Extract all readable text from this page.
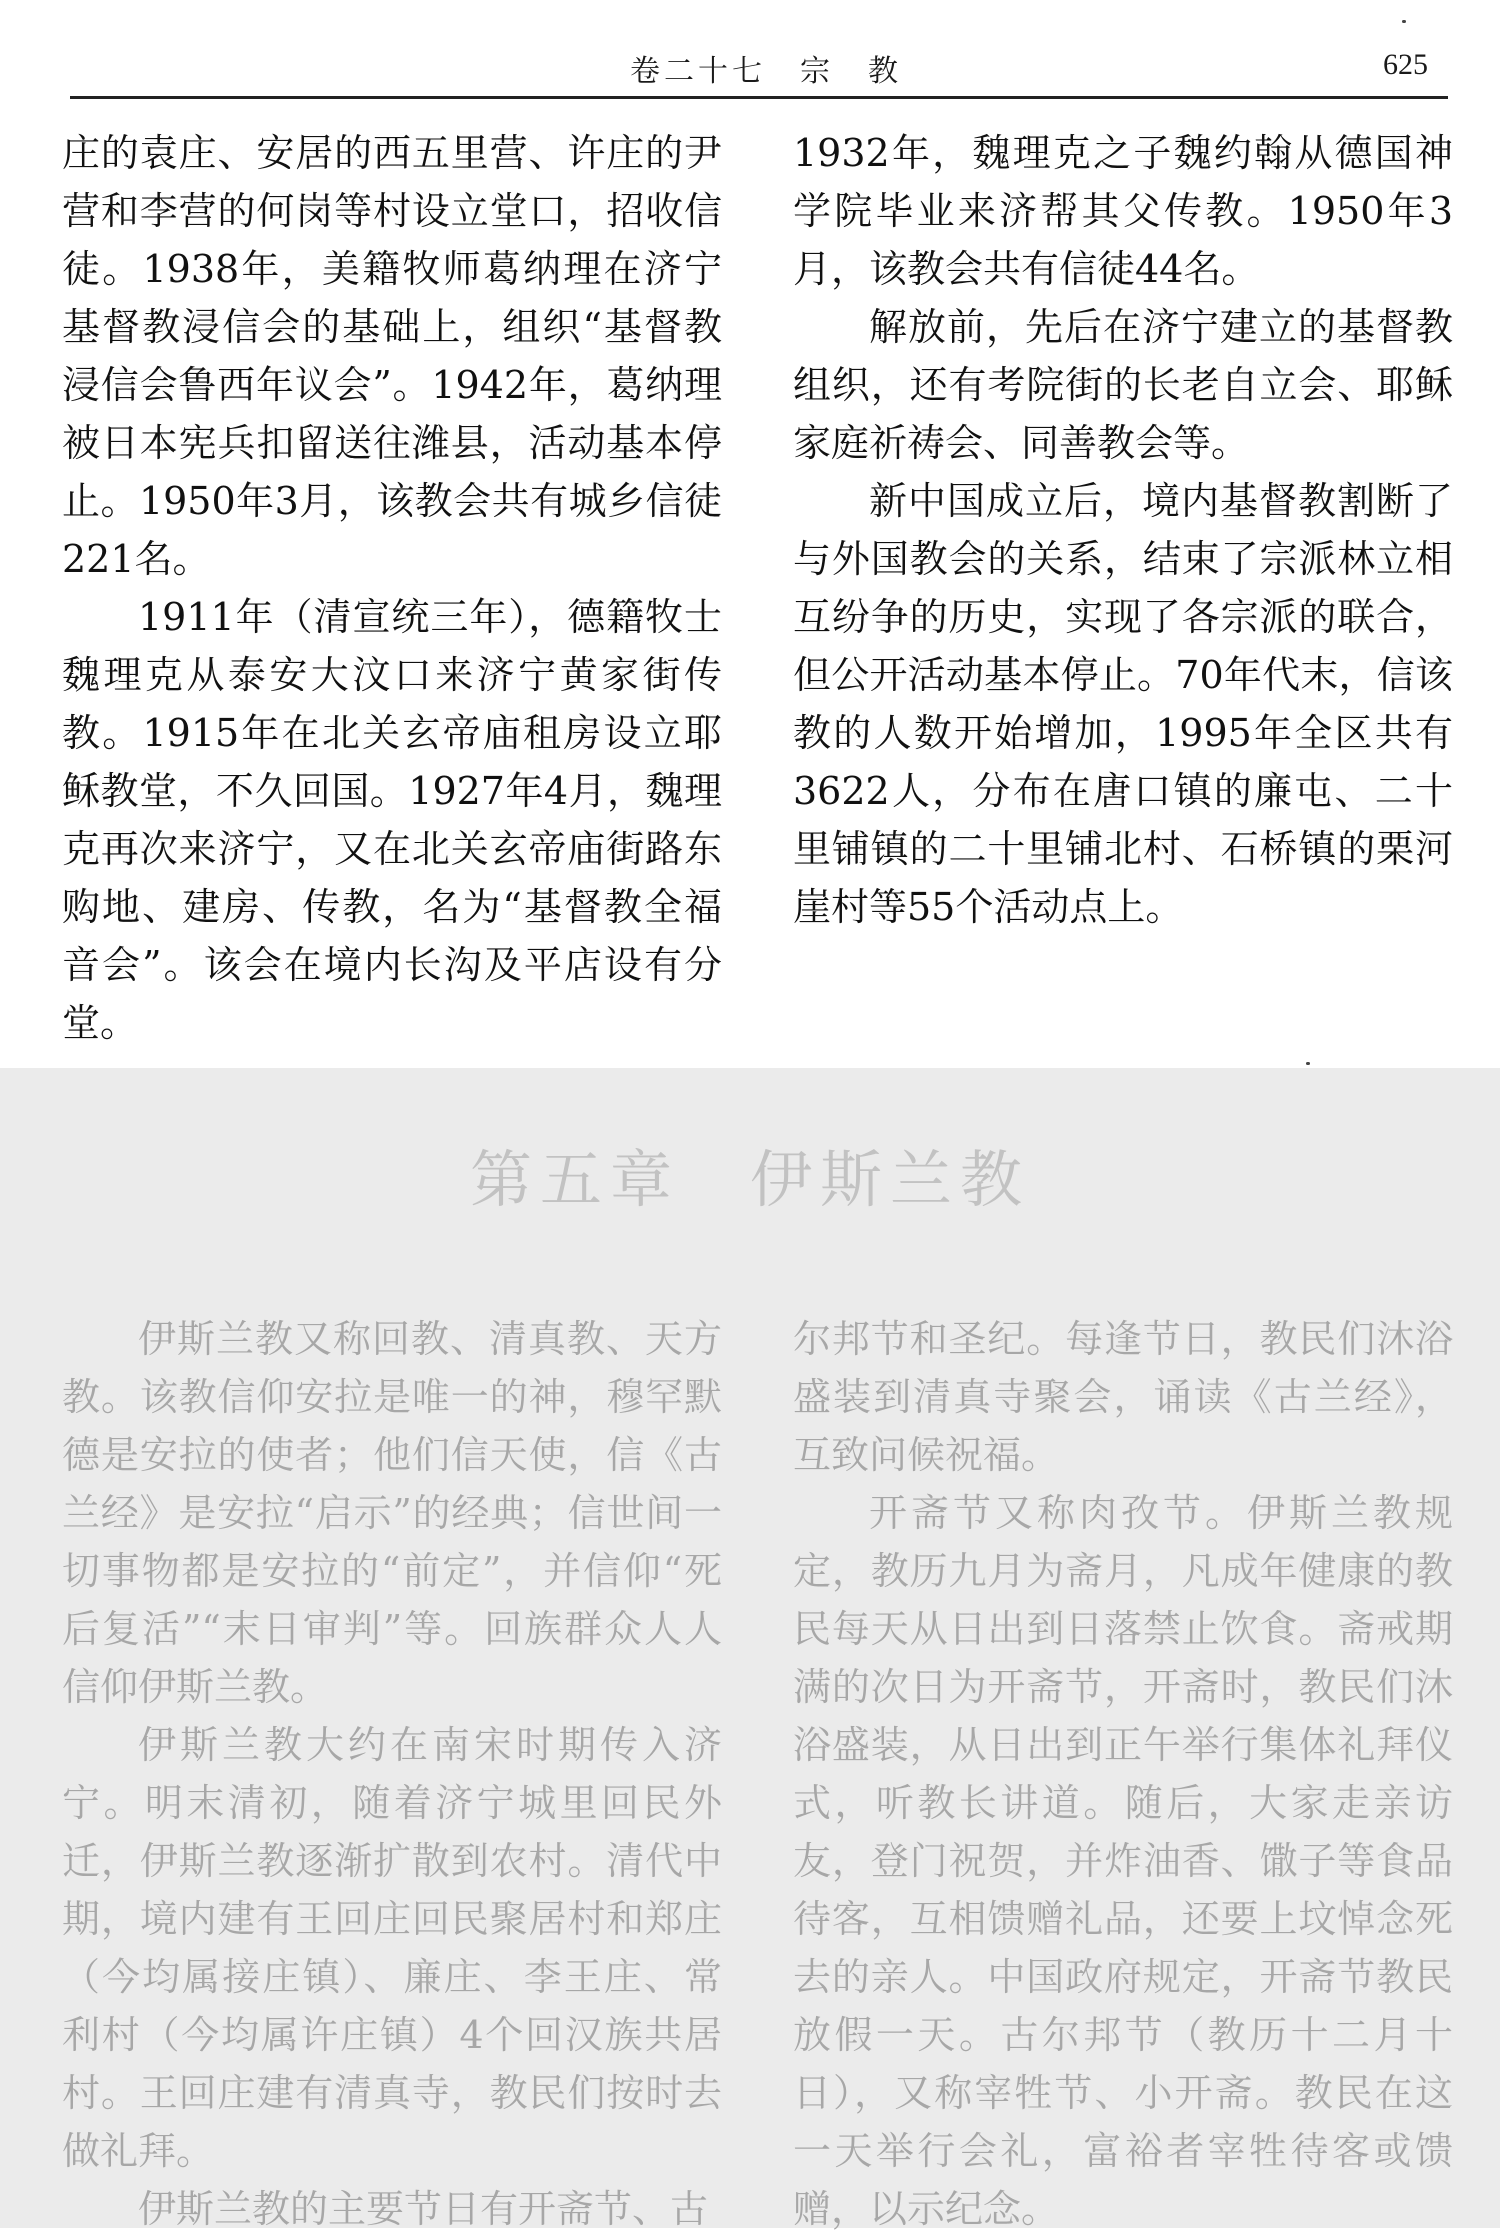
卷二十七　宗　教	625

庄的袁庄、安居的西五里营、许庄的尹营和李营的何岗等村设立堂口，招收信徒。1938年，美籍牧师葛纳理在济宁基督教浸信会的基础上，组织“基督教浸信会鲁西年议会”。1942年，葛纳理被日本宪兵扣留送往潍县，活动基本停止。1950年3月，该教会共有城乡信徒221名。

1911年（清宣统三年），德籍牧士魏理克从泰安大汶口来济宁黄家街传教。1915年在北关玄帝庙租房设立耶稣教堂，不久回国。1927年4月，魏理克再次来济宁，又在北关玄帝庙街路东购地、建房、传教，名为“基督教全福音会”。该会在境内长沟及平店设有分堂。

1932年，魏理克之子魏约翰从德国神学院毕业来济帮其父传教。1950年3月，该教会共有信徒44名。

解放前，先后在济宁建立的基督教组织，还有考院街的长老自立会、耶稣家庭祈祷会、同善教会等。

新中国成立后，境内基督教割断了与外国教会的关系，结束了宗派林立相互纷争的历史，实现了各宗派的联合，但公开活动基本停止。70年代末，信该教的人数开始增加，1995年全区共有3622人，分布在唐口镇的廉屯、二十里铺镇的二十里铺北村、石桥镇的栗河崖村等55个活动点上。

第五章　伊斯兰教

伊斯兰教又称回教、清真教、天方教。该教信仰安拉是唯一的神，穆罕默德是安拉的使者；他们信天使，信《古兰经》是安拉“启示”的经典；信世间一切事物都是安拉的“前定”，并信仰“死后复活”“末日审判”等。回族群众人人信仰伊斯兰教。

伊斯兰教大约在南宋时期传入济宁。明末清初，随着济宁城里回民外迁，伊斯兰教逐渐扩散到农村。清代中期，境内建有王回庄回民聚居村和郑庄（今均属接庄镇）、廉庄、李王庄、常利村（今均属许庄镇）4个回汉族共居村。王回庄建有清真寺，教民们按时去做礼拜。

伊斯兰教的主要节日有开斋节、古

尔邦节和圣纪。每逢节日，教民们沐浴盛装到清真寺聚会，诵读《古兰经》，互致问候祝福。

开斋节又称肉孜节。伊斯兰教规定，教历九月为斋月，凡成年健康的教民每天从日出到日落禁止饮食。斋戒期满的次日为开斋节，开斋时，教民们沐浴盛装，从日出到正午举行集体礼拜仪式，听教长讲道。随后，大家走亲访友，登门祝贺，并炸油香、馓子等食品待客，互相馈赠礼品，还要上坟悼念死去的亲人。中国政府规定，开斋节教民放假一天。古尔邦节（教历十二月十日），又称宰牲节、小开斋。教民在这一天举行会礼，富裕者宰牲待客或馈赠，以示纪念。
